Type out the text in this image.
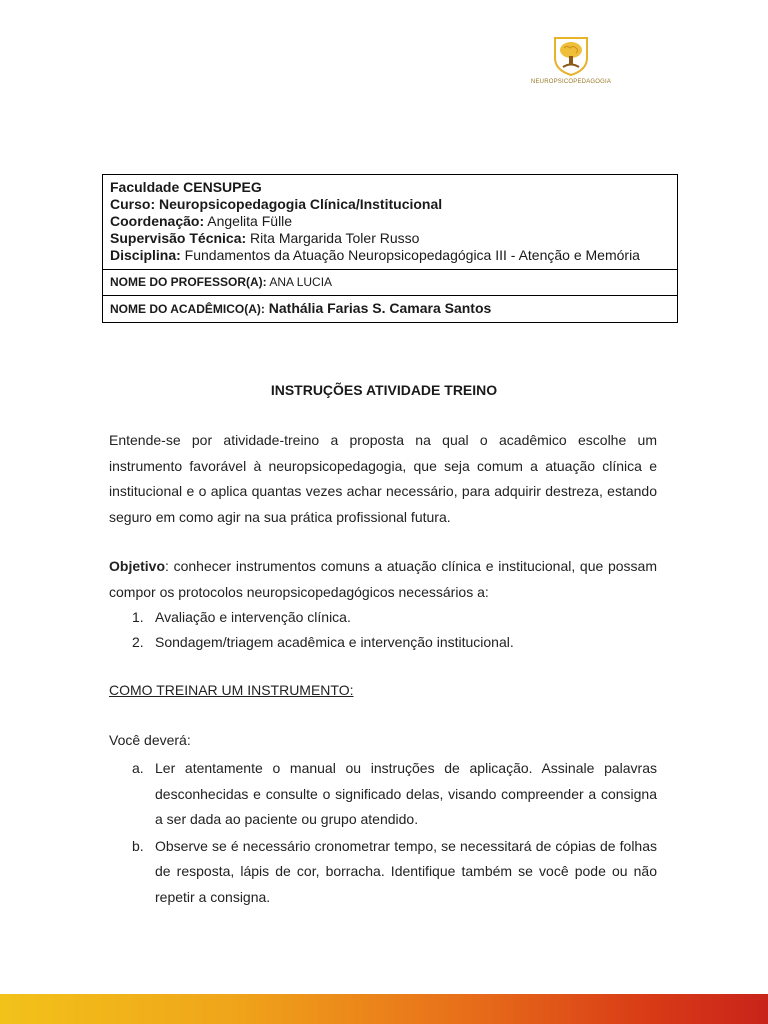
NEUROPSICOPEDAGOGIA
Faculdade CENSUPEG
Curso: Neuropsicopedagogia Clínica/Institucional
Coordenação: Angelita Fülle
Supervisão Técnica: Rita Margarida Toler Russo
Disciplina: Fundamentos da Atuação Neuropsicopedagógica III - Atenção e Memória
NOME DO PROFESSOR(A): ANA LUCIA
NOME DO ACADÊMICO(A): Nathália Farias S. Camara Santos
INSTRUÇÕES ATIVIDADE TREINO
Entende-se por atividade-treino a proposta na qual o acadêmico escolhe um instrumento favorável à neuropsicopedagogia, que seja comum a atuação clínica e institucional e o aplica quantas vezes achar necessário, para adquirir destreza, estando seguro em como agir na sua prática profissional futura.
Objetivo: conhecer instrumentos comuns a atuação clínica e institucional, que possam compor os protocolos neuropsicopedagógicos necessários a:
1. Avaliação e intervenção clínica.
2. Sondagem/triagem acadêmica e intervenção institucional.
COMO TREINAR UM INSTRUMENTO:
Você deverá:
a. Ler atentamente o manual ou instruções de aplicação. Assinale palavras desconhecidas e consulte o significado delas, visando compreender a consigna a ser dada ao paciente ou grupo atendido.
b. Observe se é necessário cronometrar tempo, se necessitará de cópias de folhas de resposta, lápis de cor, borracha. Identifique também se você pode ou não repetir a consigna.
